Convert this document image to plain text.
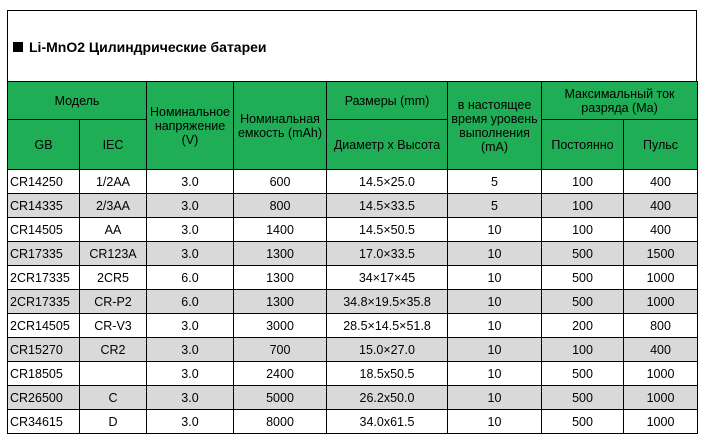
Li-MnO2 Цилиндрические батареи
Модель		Номинальное напряжение (V)	Номинальная емкость (mAh)	Размеры (mm)	в настоящее время уровень выполнения (mA)	Максимальный ток разряда (Ma)	
GB	IEC			Диаметр x Высота		Постоянно	Пульс
CR14250	1/2AA	3.0	600	14.5×25.0	5	100	400
CR14335	2/3AA	3.0	800	14.5×33.5	5	100	400
CR14505	AA	3.0	1400	14.5×50.5	10	100	400
CR17335	CR123A	3.0	1300	17.0×33.5	10	500	1500
2CR17335	2CR5	6.0	1300	34×17×45	10	500	1000
2CR17335	CR-P2	6.0	1300	34.8×19.5×35.8	10	500	1000
2CR14505	CR-V3	3.0	3000	28.5×14.5×51.8	10	200	800
CR15270	CR2	3.0	700	15.0×27.0	10	100	400
CR18505		3.0	2400	18.5x50.5	10	500	1000
CR26500	C	3.0	5000	26.2x50.0	10	500	1000
CR34615	D	3.0	8000	34.0x61.5	10	500	1000
